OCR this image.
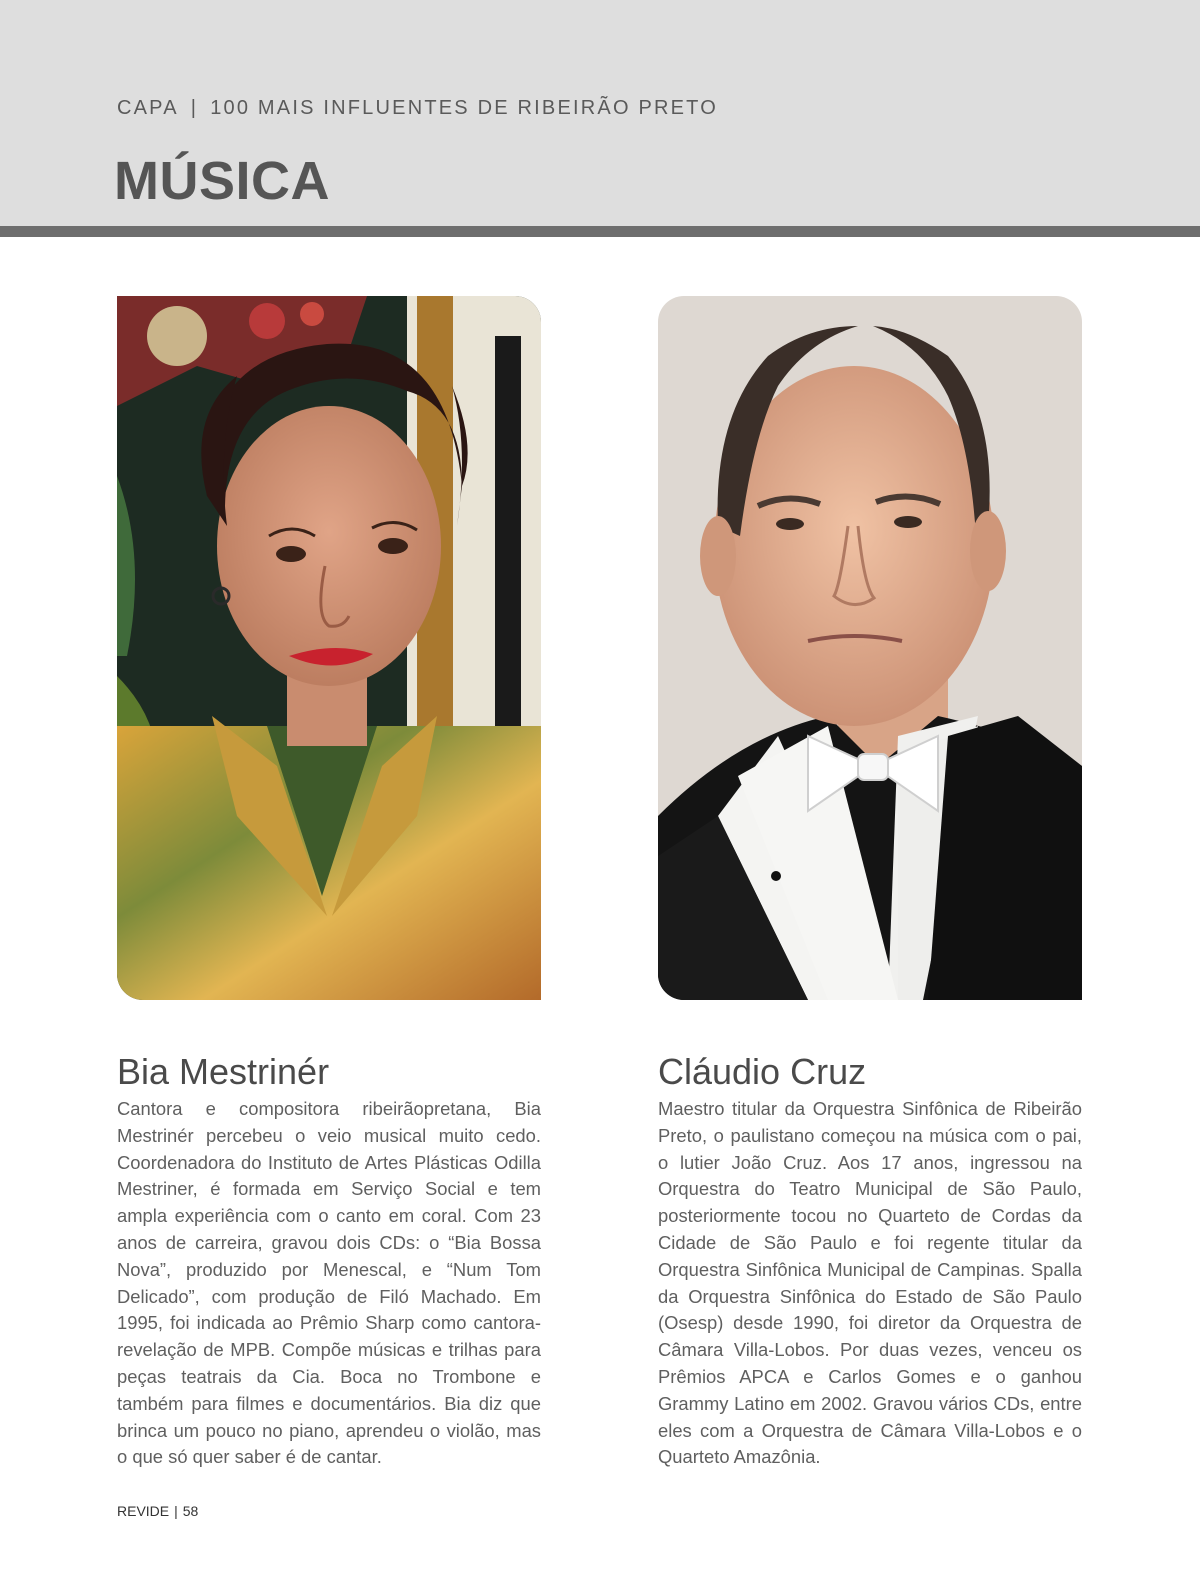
CAPA | 100 MAIS INFLUENTES DE RIBEIRÃO PRETO
MÚSICA
Bia Mestrinér

Cantora e compositora ribeirãopretana, Bia Mestrinér percebeu o veio musical muito cedo. Coordenadora do Instituto de Artes Plásticas Odilla Mestriner, é formada em Serviço Social e tem ampla experiência com o canto em coral. Com 23 anos de carreira, gravou dois CDs: o “Bia Bossa Nova”, produzido por Menescal, e “Num Tom Delicado”, com produção de Filó Machado. Em 1995, foi indicada ao Prêmio Sharp como cantora-revelação de MPB. Compõe músicas e trilhas para peças teatrais da Cia. Boca no Trombone e também para filmes e documentários. Bia diz que brinca um pouco no piano, aprendeu o violão, mas o que só quer saber é de cantar.

Cláudio Cruz

Maestro titular da Orquestra Sinfônica de Ribeirão Preto, o paulistano começou na música com o pai, o lutier João Cruz. Aos 17 anos, ingressou na Orquestra do Teatro Municipal de São Paulo, posteriormente tocou no Quarteto de Cordas da Cidade de São Paulo e foi regente titular da Orquestra Sinfônica Municipal de Campinas. Spalla da Orquestra Sinfônica do Estado de São Paulo (Osesp) desde 1990, foi diretor da Orquestra de Câmara Villa-Lobos. Por duas vezes, venceu os Prêmios APCA e Carlos Gomes e o ganhou Grammy Latino em 2002. Gravou vários CDs, entre eles com a Orquestra de Câmara Villa-Lobos e o Quarteto Amazônia.

REVIDE | 58
